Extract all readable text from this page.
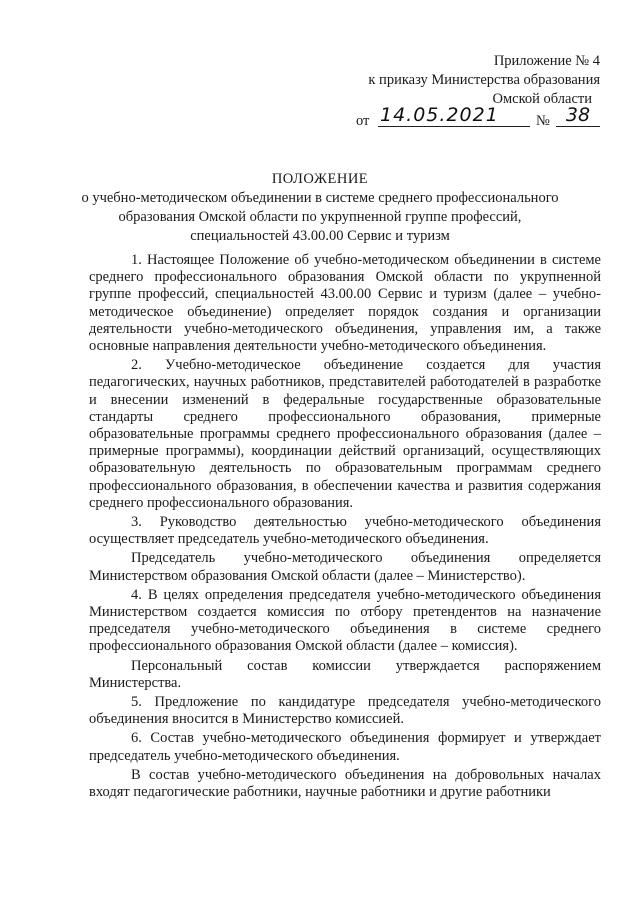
Приложение № 4
к приказу Министерства образования
Омской области
от 14.05.2021	№ 38
ПОЛОЖЕНИЕ
о учебно-методическом объединении в системе среднего профессионального
образования Омской области по укрупненной группе профессий,
специальностей 43.00.00 Сервис и туризм

1. Настоящее Положение об учебно-методическом объединении в системе среднего профессионального образования Омской области по укрупненной группе профессий, специальностей 43.00.00 Сервис и туризм (далее – учебно-методическое объединение) определяет порядок создания и организации деятельности учебно-методического объединения, управления им, а также основные направления деятельности учебно-методического объединения.

2. Учебно-методическое объединение создается для участия педагогических, научных работников, представителей работодателей в разработке и внесении изменений в федеральные государственные образовательные стандарты среднего профессионального образования, примерные образовательные программы среднего профессионального образования (далее – примерные программы), координации действий организаций, осуществляющих образовательную деятельность по образовательным программам среднего профессионального образования, в обеспечении качества и развития содержания среднего профессионального образования.

3. Руководство деятельностью учебно-методического объединения осуществляет председатель учебно-методического объединения.

Председатель учебно-методического объединения определяется Министерством образования Омской области (далее – Министерство).

4. В целях определения председателя учебно-методического объединения Министерством создается комиссия по отбору претендентов на назначение председателя учебно-методического объединения в системе среднего профессионального образования Омской области (далее – комиссия).

Персональный состав комиссии утверждается распоряжением Министерства.

5. Предложение по кандидатуре председателя учебно-методического объединения вносится в Министерство комиссией.

6. Состав учебно-методического объединения формирует и утверждает председатель учебно-методического объединения.

В состав учебно-методического объединения на добровольных началах входят педагогические работники, научные работники и другие работники
